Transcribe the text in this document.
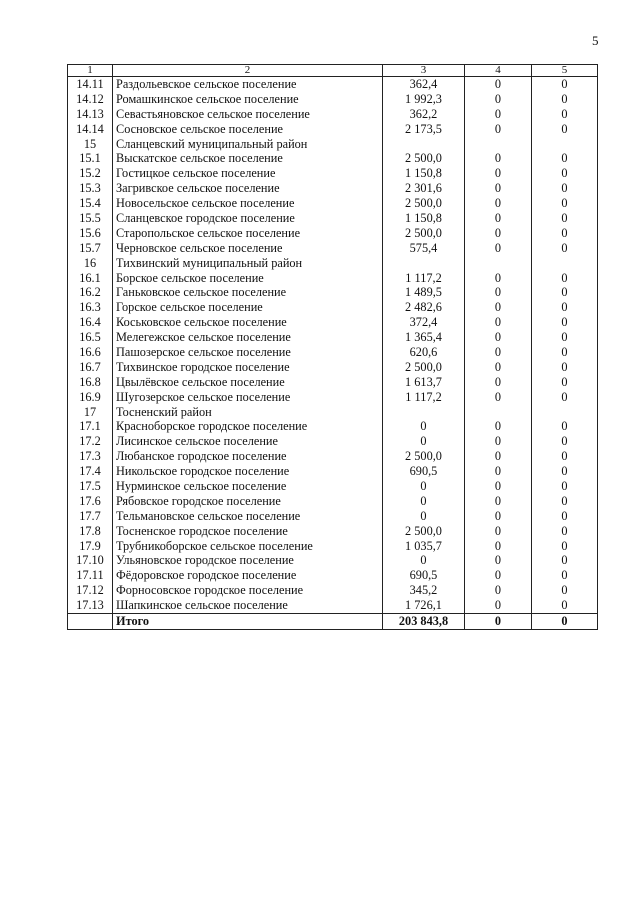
5
1	2	3	4	5
14.11	Раздольевское сельское поселение	362,4	0	0
14.12	Ромашкинское сельское поселение	1 992,3	0	0
14.13	Севастьяновское сельское поселение	362,2	0	0
14.14	Сосновское сельское поселение	2 173,5	0	0
15	Сланцевский муниципальный район			
15.1	Выскатское сельское поселение	2 500,0	0	0
15.2	Гостицкое сельское поселение	1 150,8	0	0
15.3	Загривское сельское поселение	2 301,6	0	0
15.4	Новосельское сельское поселение	2 500,0	0	0
15.5	Сланцевское городское поселение	1 150,8	0	0
15.6	Старопольское сельское поселение	2 500,0	0	0
15.7	Черновское сельское поселение	575,4	0	0
16	Тихвинский муниципальный район			
16.1	Борское сельское поселение	1 117,2	0	0
16.2	Ганьковское сельское поселение	1 489,5	0	0
16.3	Горское сельское поселение	2 482,6	0	0
16.4	Коськовское сельское поселение	372,4	0	0
16.5	Мелегежское сельское поселение	1 365,4	0	0
16.6	Пашозерское сельское поселение	620,6	0	0
16.7	Тихвинское городское поселение	2 500,0	0	0
16.8	Цвылёвское сельское поселение	1 613,7	0	0
16.9	Шугозерское сельское поселение	1 117,2	0	0
17	Тосненский район			
17.1	Красноборское городское поселение	0	0	0
17.2	Лисинское сельское поселение	0	0	0
17.3	Любанское городское поселение	2 500,0	0	0
17.4	Никольское городское поселение	690,5	0	0
17.5	Нурминское сельское поселение	0	0	0
17.6	Рябовское городское поселение	0	0	0
17.7	Тельмановское сельское поселение	0	0	0
17.8	Тосненское городское поселение	2 500,0	0	0
17.9	Трубникоборское сельское поселение	1 035,7	0	0
17.10	Ульяновское городское поселение	0	0	0
17.11	Фёдоровское городское поселение	690,5	0	0
17.12	Форносовское городское поселение	345,2	0	0
17.13	Шапкинское сельское поселение	1 726,1	0	0
	Итого	203 843,8	0	0
